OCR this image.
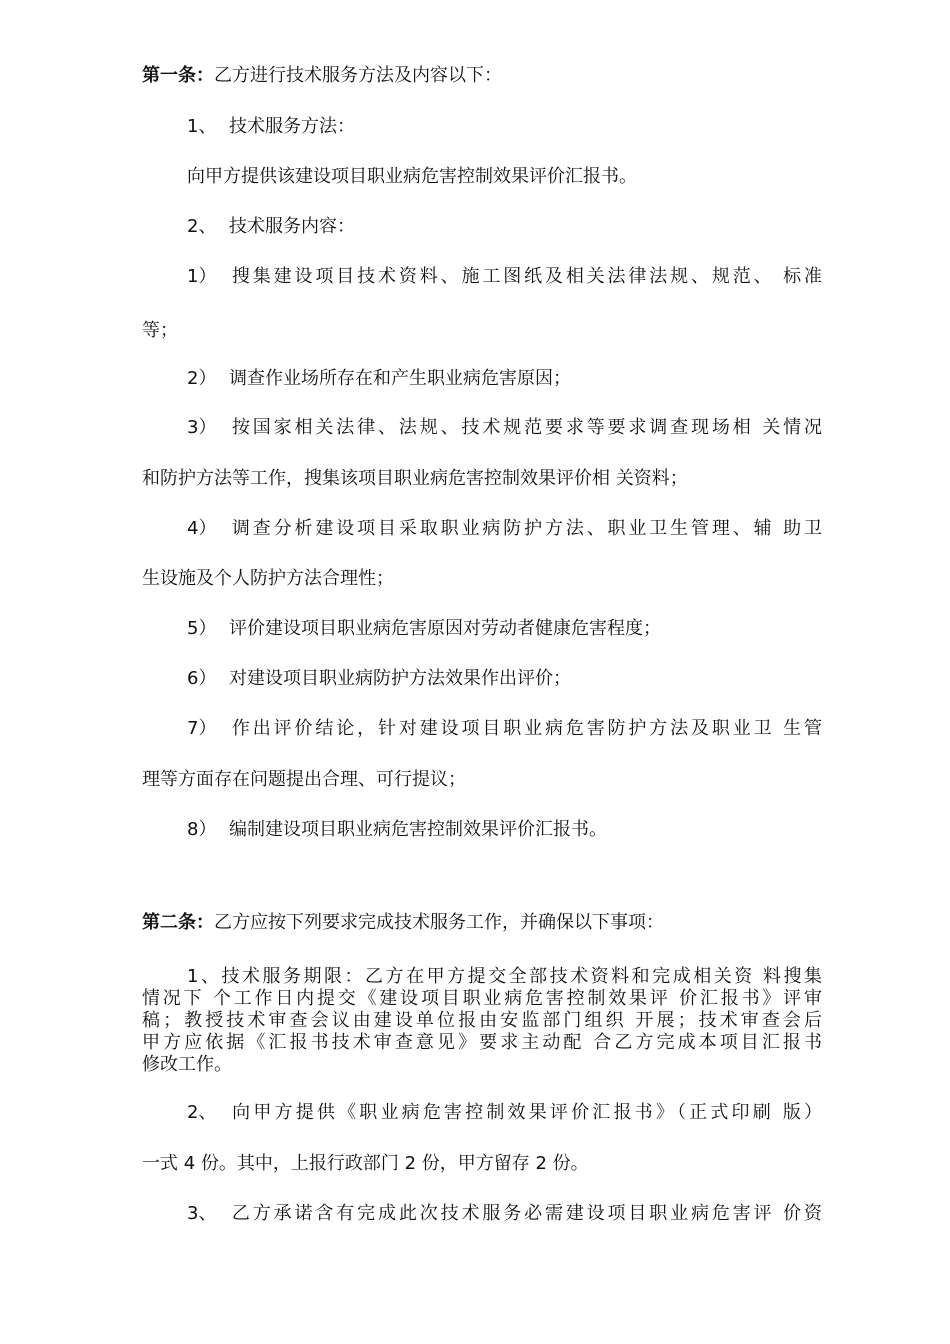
第一条：乙方进行技术服务方法及内容以下：
1、 技术服务方法：
向甲方提供该建设项目职业病危害控制效果评价汇报书。
2、 技术服务内容：
1） 搜集建设项目技术资料、施工图纸及相关法律法规、规范、 标准
等；
2） 调查作业场所存在和产生职业病危害原因；
3） 按国家相关法律、法规、技术规范要求等要求调查现场相 关情况
和防护方法等工作，搜集该项目职业病危害控制效果评价相 关资料；
4） 调查分析建设项目采取职业病防护方法、职业卫生管理、辅 助卫
生设施及个人防护方法合理性；
5） 评价建设项目职业病危害原因对劳动者健康危害程度；
6） 对建设项目职业病防护方法效果作出评价；
7） 作出评价结论，针对建设项目职业病危害防护方法及职业卫 生管
理等方面存在问题提出合理、可行提议；
8） 编制建设项目职业病危害控制效果评价汇报书。
第二条：乙方应按下列要求完成技术服务工作，并确保以下事项：
1、技术服务期限：乙方在甲方提交全部技术资料和完成相关资 料搜集
情况下 个工作日内提交《建设项目职业病危害控制效果评 价汇报书》评审
稿；教授技术审查会议由建设单位报由安监部门组织 开展；技术审查会后
甲方应依据《汇报书技术审查意见》要求主动配 合乙方完成本项目汇报书
修改工作。
2、 向甲方提供《职业病危害控制效果评价汇报书》（正式印刷 版）
一式 4 份。其中，上报行政部门 2 份，甲方留存 2 份。
3、 乙方承诺含有完成此次技术服务必需建设项目职业病危害评 价资
